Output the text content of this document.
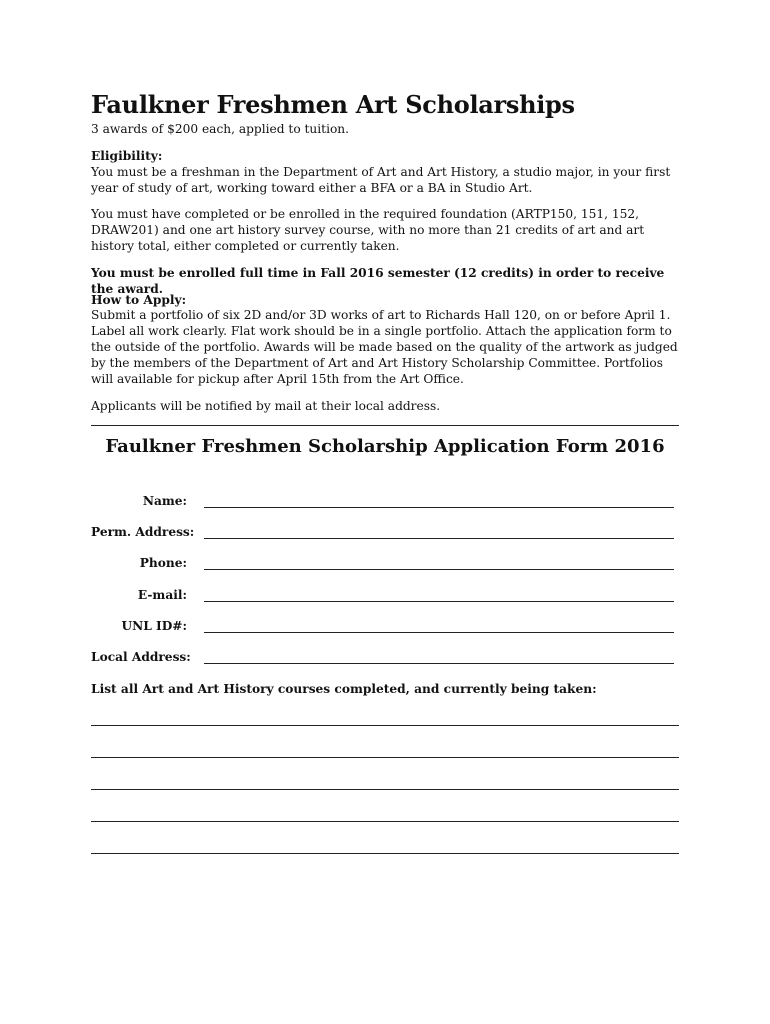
Faulkner Freshmen Art Scholarships

3 awards of $200 each, applied to tuition.

Eligibility:

You must be a freshman in the Department of Art and Art History, a studio major, in your first year of study of art, working toward either a BFA or a BA in Studio Art.

You must have completed or be enrolled in the required foundation (ARTP150, 151, 152, DRAW201) and one art history survey course, with no more than 21 credits of art and art history total, either completed or currently taken.

You must be enrolled full time in Fall 2016 semester (12 credits) in order to receive the award.

How to Apply:

Submit a portfolio of six 2D and/or 3D works of art to Richards Hall 120, on or before April 1. Label all work clearly. Flat work should be in a single portfolio. Attach the application form to the outside of the portfolio. Awards will be made based on the quality of the artwork as judged by the members of the Department of Art and Art History Scholarship Committee. Portfolios will available for pickup after April 15th from the Art Office.

Applicants will be notified by mail at their local address.

Faulkner Freshmen Scholarship Application Form 2016
Name:
Perm. Address:
Phone:
E-mail:
UNL ID#:
Local Address:

List all Art and Art History courses completed, and currently being taken:
